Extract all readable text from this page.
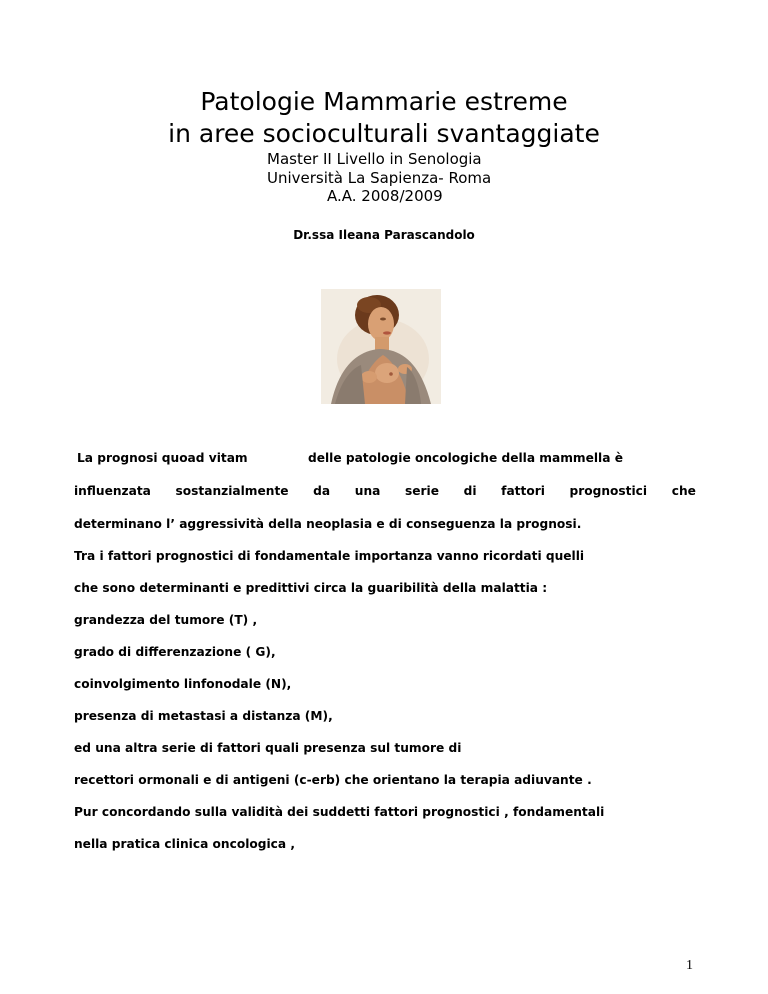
Patologie Mammarie estreme

in aree socioculturali svantaggiate

Master II Livello in Senologia

Università La Sapienza- Roma

A.A. 2008/2009

Dr.ssa Ileana Parascandolo
La prognosi quoad vitam	delle patologie oncologiche della mammella è
influenzata sostanzialmente da una serie di fattori prognostici che

determinano l’ aggressività della neoplasia e di conseguenza la prognosi.

Tra i fattori prognostici di fondamentale importanza vanno ricordati quelli

che sono determinanti e predittivi circa la guaribilità della malattia :

grandezza del tumore (T) ,

grado di differenzazione ( G),

coinvolgimento linfonodale (N),

presenza di metastasi a distanza (M),

ed una altra serie di fattori quali presenza sul tumore di

recettori ormonali e di antigeni (c-erb) che orientano la terapia adiuvante .

Pur concordando sulla validità dei suddetti fattori prognostici , fondamentali

nella pratica clinica oncologica ,

1
